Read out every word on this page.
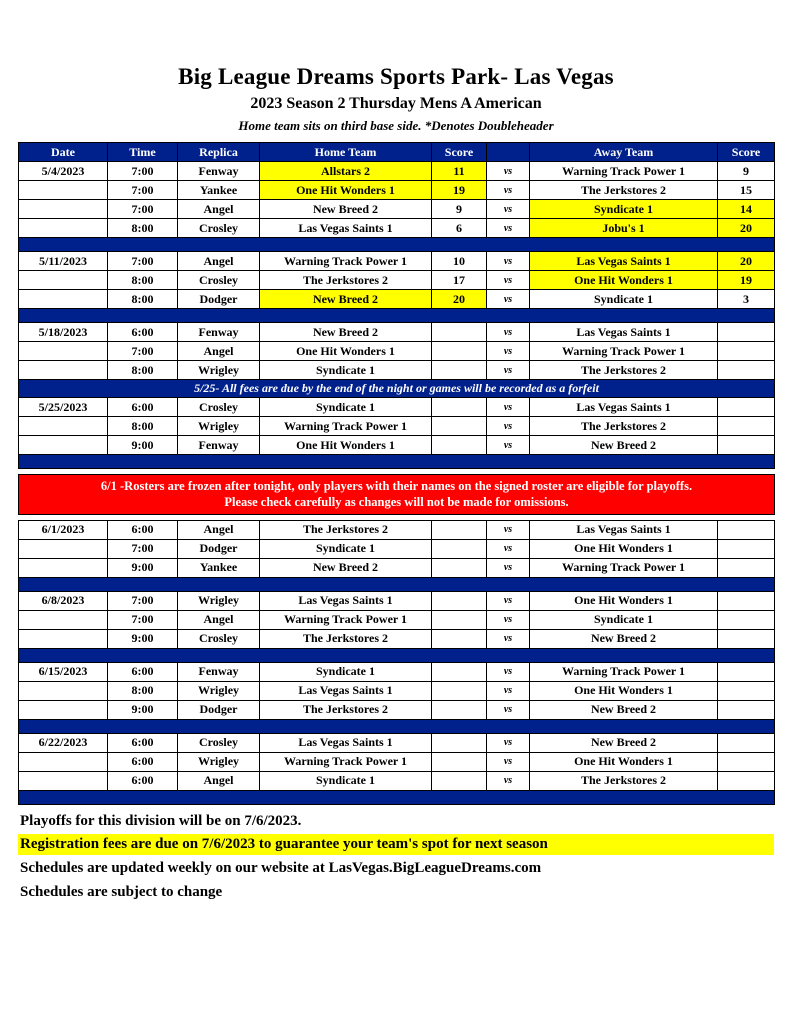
Big League Dreams Sports Park- Las Vegas
2023 Season 2 Thursday Mens A American
Home team sits on third base side. *Denotes Doubleheader
Date	Time	Replica	Home Team	Score		Away Team	Score
5/4/2023	7:00	Fenway	Allstars 2	11	vs	Warning Track Power 1	9
	7:00	Yankee	One Hit Wonders 1	19	vs	The Jerkstores 2	15
	7:00	Angel	New Breed 2	9	vs	Syndicate 1	14
	8:00	Crosley	Las Vegas Saints 1	6	vs	Jobu's 1	20

5/11/2023	7:00	Angel	Warning Track Power 1	10	vs	Las Vegas Saints 1	20
	8:00	Crosley	The Jerkstores 2	17	vs	One Hit Wonders 1	19
	8:00	Dodger	New Breed 2	20	vs	Syndicate 1	3

5/18/2023	6:00	Fenway	New Breed 2		vs	Las Vegas Saints 1	
	7:00	Angel	One Hit Wonders 1		vs	Warning Track Power 1	
	8:00	Wrigley	Syndicate 1		vs	The Jerkstores 2	
5/25- All fees are due by the end of the night or games will be recorded as a forfeit							
5/25/2023	6:00	Crosley	Syndicate 1		vs	Las Vegas Saints 1	
	8:00	Wrigley	Warning Track Power 1		vs	The Jerkstores 2	
	9:00	Fenway	One Hit Wonders 1		vs	New Breed 2	

6/1 -Rosters are frozen after tonight, only players with their names on the signed roster are eligible for playoffs.
Please check carefully as changes will not be made for omissions.							

6/1/2023	6:00	Angel	The Jerkstores 2		vs	Las Vegas Saints 1	
	7:00	Dodger	Syndicate 1		vs	One Hit Wonders 1	
	9:00	Yankee	New Breed 2		vs	Warning Track Power 1	

6/8/2023	7:00	Wrigley	Las Vegas Saints 1		vs	One Hit Wonders 1	
	7:00	Angel	Warning Track Power 1		vs	Syndicate 1	
	9:00	Crosley	The Jerkstores 2		vs	New Breed 2	

6/15/2023	6:00	Fenway	Syndicate 1		vs	Warning Track Power 1	
	8:00	Wrigley	Las Vegas Saints 1		vs	One Hit Wonders 1	
	9:00	Dodger	The Jerkstores 2		vs	New Breed 2	

6/22/2023	6:00	Crosley	Las Vegas Saints 1		vs	New Breed 2	
	6:00	Wrigley	Warning Track Power 1		vs	One Hit Wonders 1	
	6:00	Angel	Syndicate 1		vs	The Jerkstores 2	

Playoffs for this division will be on 7/6/2023.
Registration fees are due on 7/6/2023 to guarantee your team's spot for next season
Schedules are updated weekly on our website at LasVegas.BigLeagueDreams.com
Schedules are subject to change
